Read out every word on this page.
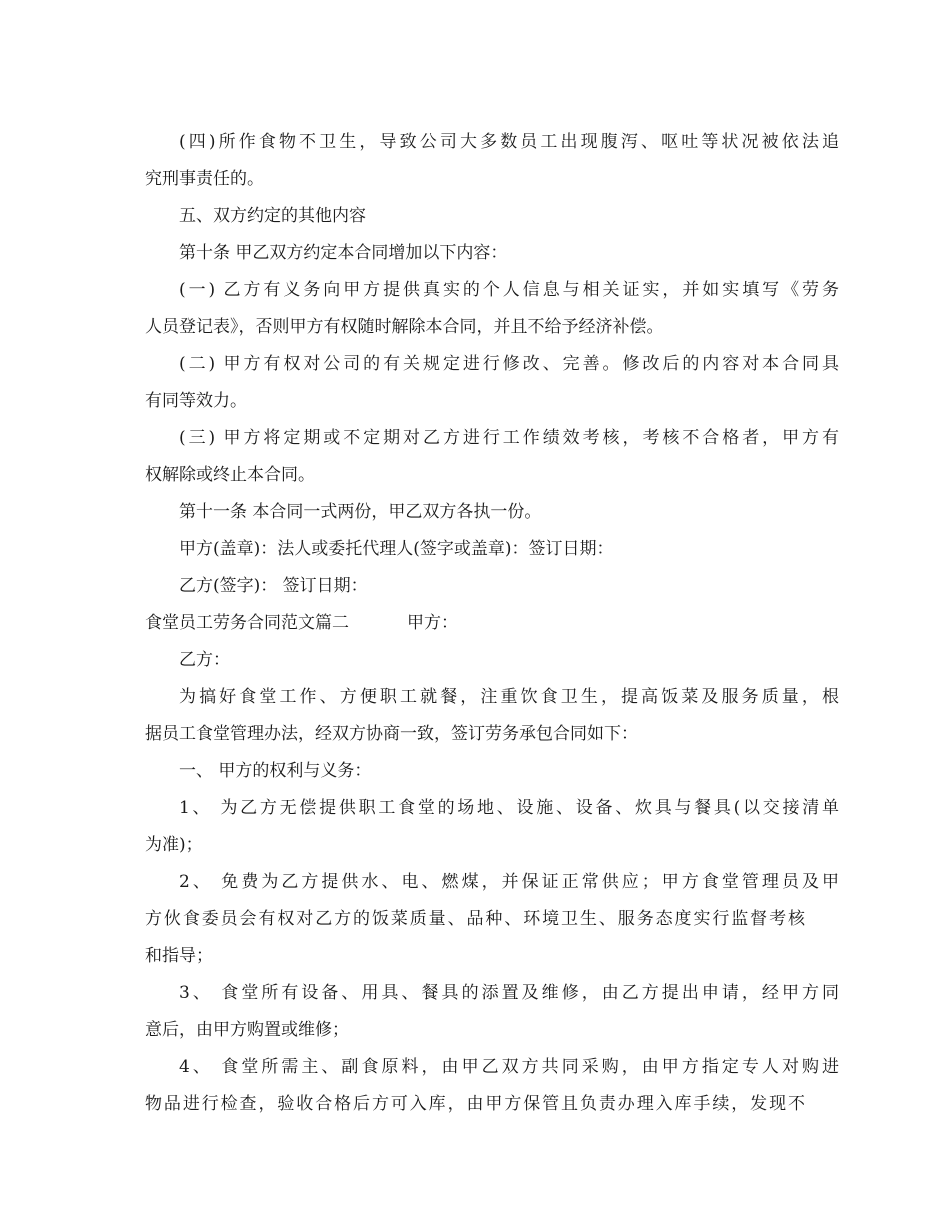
(四)所作食物不卫生，导致公司大多数员工出现腹泻、呕吐等状况被依法追
究刑事责任的。
五、双方约定的其他内容
第十条 甲乙双方约定本合同增加以下内容：
(一) 乙方有义务向甲方提供真实的个人信息与相关证实，并如实填写《劳务
人员登记表》，否则甲方有权随时解除本合同，并且不给予经济补偿。
(二) 甲方有权对公司的有关规定进行修改、完善。修改后的内容对本合同具
有同等效力。
(三) 甲方将定期或不定期对乙方进行工作绩效考核，考核不合格者，甲方有
权解除或终止本合同。
第十一条 本合同一式两份，甲乙双方各执一份。
甲方(盖章)：法人或委托代理人(签字或盖章)：签订日期：
乙方(签字)： 签订日期：
食堂员工劳务合同范文篇二	甲方：
乙方：
为搞好食堂工作、方便职工就餐，注重饮食卫生，提高饭菜及服务质量，根
据员工食堂管理办法，经双方协商一致，签订劳务承包合同如下：
一、 甲方的权利与义务：
1、 为乙方无偿提供职工食堂的场地、设施、设备、炊具与餐具(以交接清单
为准)；
2、 免费为乙方提供水、电、燃煤，并保证正常供应；甲方食堂管理员及甲
方伙食委员会有权对乙方的饭菜质量、品种、环境卫生、服务态度实行监督考核
和指导；
3、 食堂所有设备、用具、餐具的添置及维修，由乙方提出申请，经甲方同
意后，由甲方购置或维修；
4、 食堂所需主、副食原料，由甲乙双方共同采购，由甲方指定专人对购进
物品进行检查，验收合格后方可入库，由甲方保管且负责办理入库手续，发现不
